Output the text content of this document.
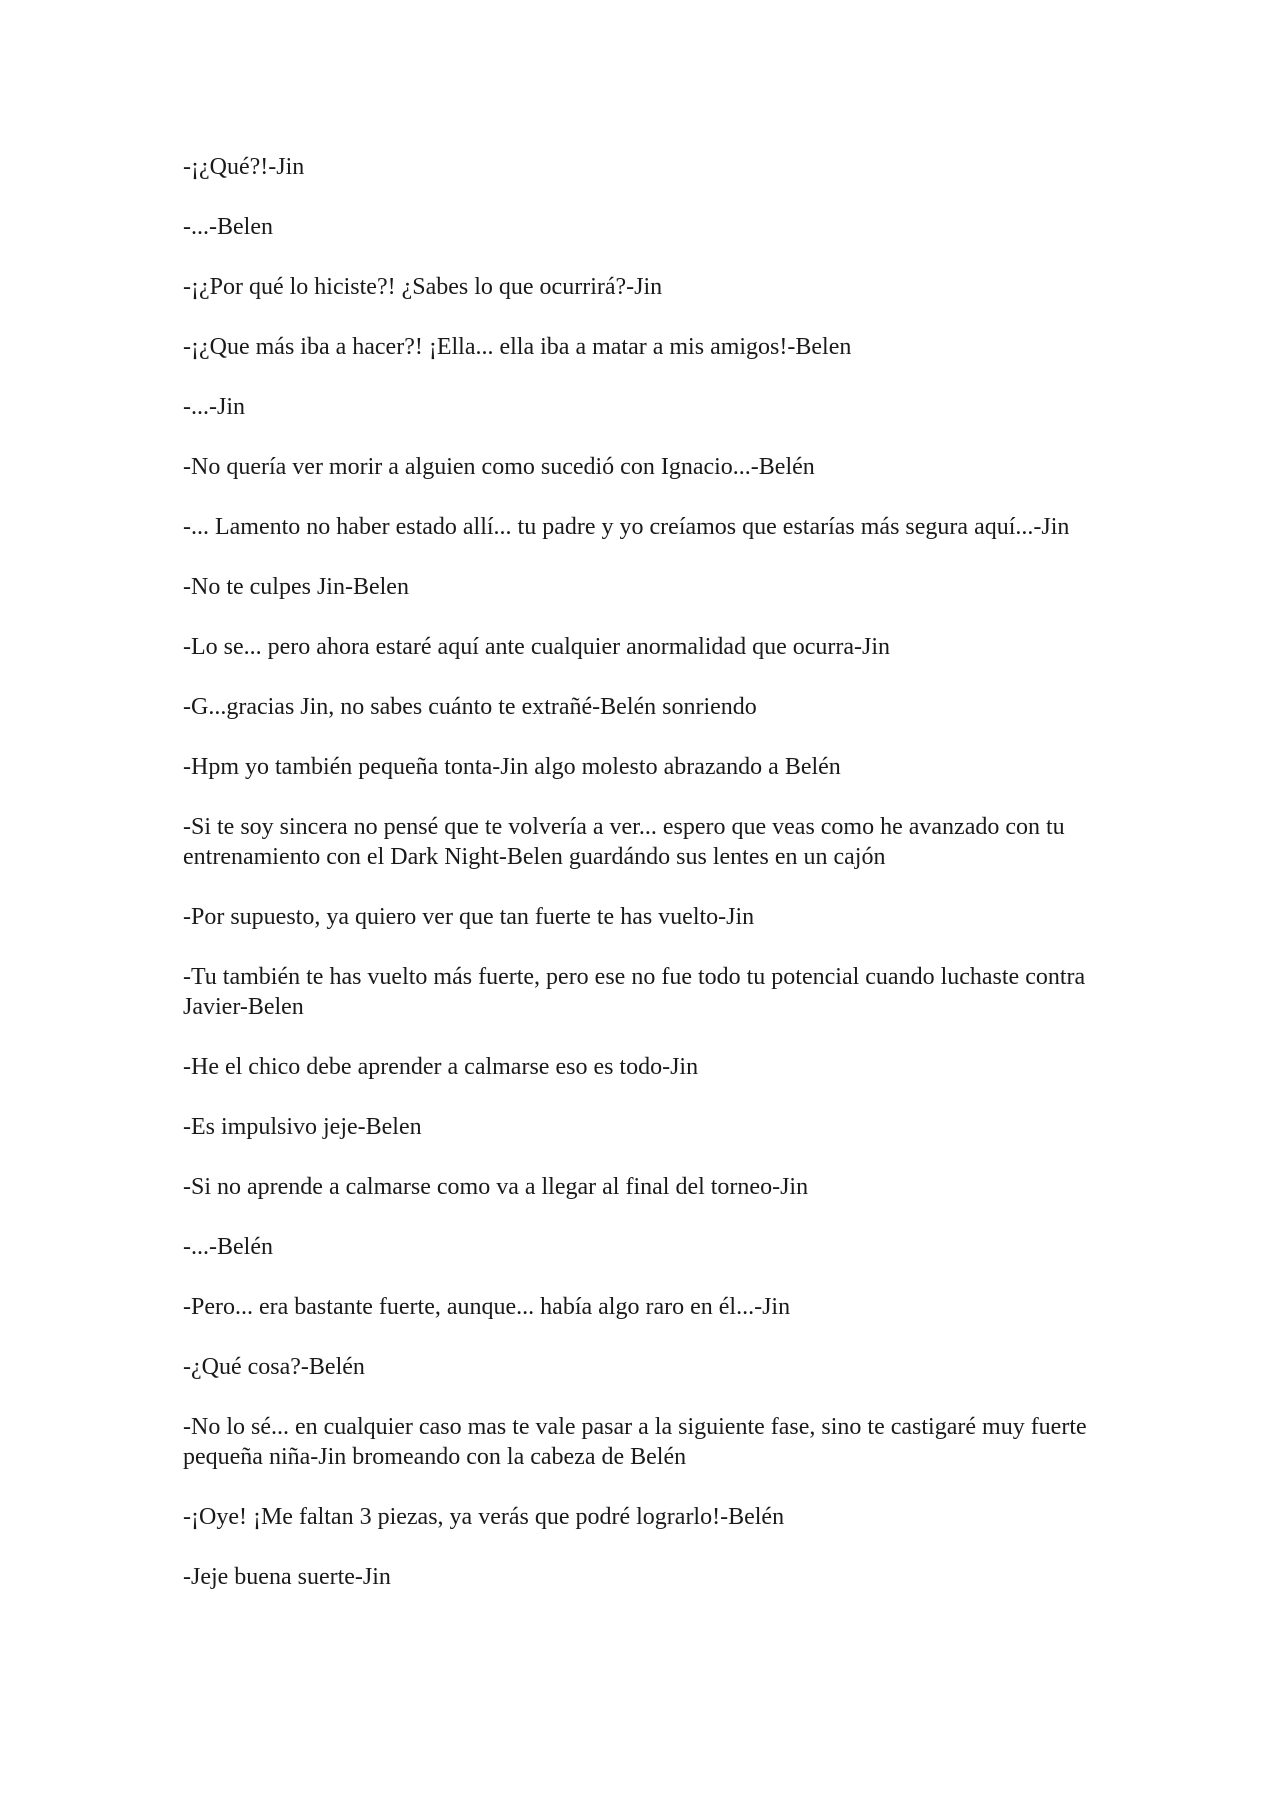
-¡¿Qué?!-Jin

-...-Belen

-¡¿Por qué lo hiciste?! ¿Sabes lo que ocurrirá?-Jin

-¡¿Que más iba a hacer?! ¡Ella... ella iba a matar a mis amigos!-Belen

-...-Jin

-No quería ver morir a alguien como sucedió con Ignacio...-Belén

-... Lamento no haber estado allí... tu padre y yo creíamos que estarías más segura aquí...-Jin

-No te culpes Jin-Belen

-Lo se... pero ahora estaré aquí ante cualquier anormalidad que ocurra-Jin

-G...gracias Jin, no sabes cuánto te extrañé-Belén sonriendo

-Hpm yo también pequeña tonta-Jin algo molesto abrazando a Belén

-Si te soy sincera no pensé que te volvería a ver... espero que veas como he avanzado con tu entrenamiento con el Dark Night-Belen guardándo sus lentes en un cajón

-Por supuesto, ya quiero ver que tan fuerte te has vuelto-Jin

-Tu también te has vuelto más fuerte, pero ese no fue todo tu potencial cuando luchaste contra Javier-Belen

-He el chico debe aprender a calmarse eso es todo-Jin

-Es impulsivo jeje-Belen

-Si no aprende a calmarse como va a llegar al final del torneo-Jin

-...-Belén

-Pero... era bastante fuerte, aunque... había algo raro en él...-Jin

-¿Qué cosa?-Belén

-No lo sé... en cualquier caso mas te vale pasar a la siguiente fase, sino te castigaré muy fuerte pequeña niña-Jin bromeando con la cabeza de Belén

-¡Oye! ¡Me faltan 3 piezas, ya verás que podré lograrlo!-Belén

-Jeje buena suerte-Jin
